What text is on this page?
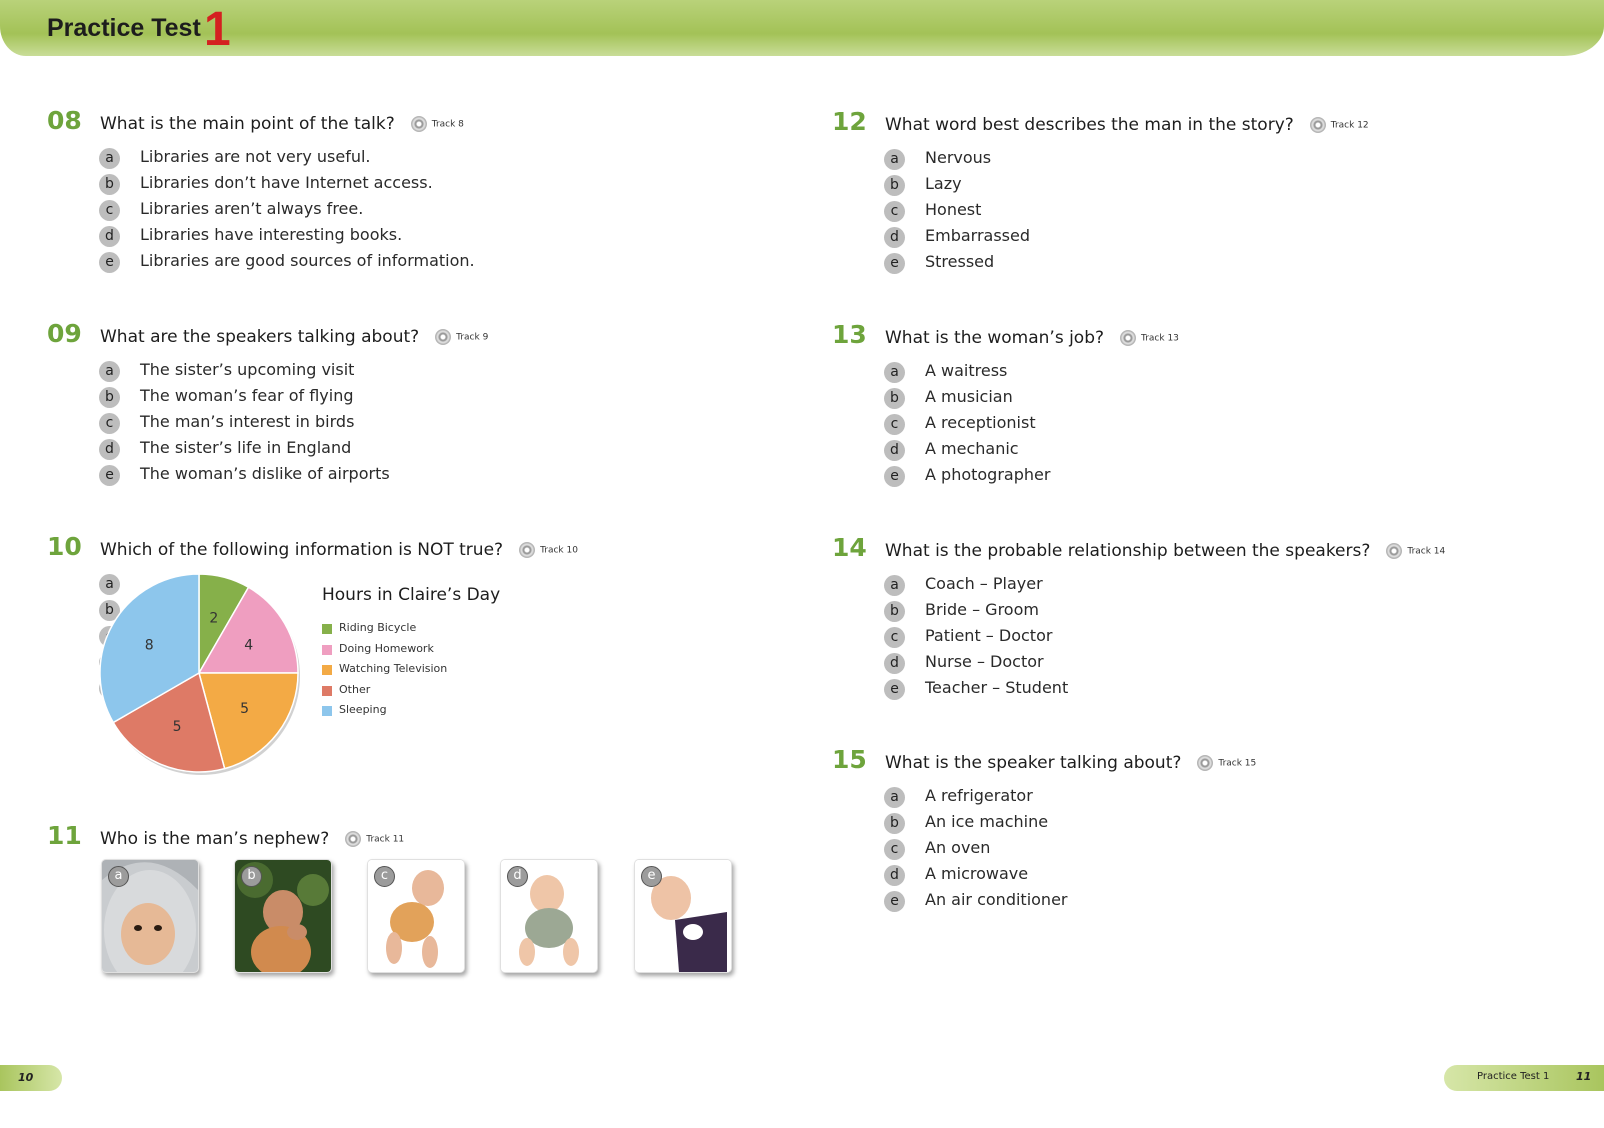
Practice Test 1
08 What is the main point of the talk?	Track 8
a	Libraries are not very useful.
b	Libraries don’t have Internet access.
c	Libraries aren’t always free.
d	Libraries have interesting books.
e	Libraries are good sources of information.
09 What are the speakers talking about?	Track 9
a	The sister’s upcoming visit
b	The woman’s fear of flying
c	The man’s interest in birds
d	The sister’s life in England
e	The woman’s dislike of airports
10 Which of the following information is NOT true?	Track 10
a
b
2
4
5
5
8
Hours in Claire’s Day
Riding Bicycle
Doing Homework
Watching Television
Other
Sleeping
11 Who is the man’s nephew?	Track 11
a	b	c	d	e
12 What word best describes the man in the story?	Track 12
a	Nervous
b	Lazy
c	Honest
d	Embarrassed
e	Stressed
13 What is the woman’s job?	Track 13
a	A waitress
b	A musician
c	A receptionist
d	A mechanic
e	A photographer
14 What is the probable relationship between the speakers?	Track 14
a	Coach – Player
b	Bride – Groom
c	Patient – Doctor
d	Nurse – Doctor
e	Teacher – Student
15 What is the speaker talking about?	Track 15
a	A refrigerator
b	An ice machine
c	An oven
d	A microwave
e	An air conditioner
10	Practice Test 1 11
